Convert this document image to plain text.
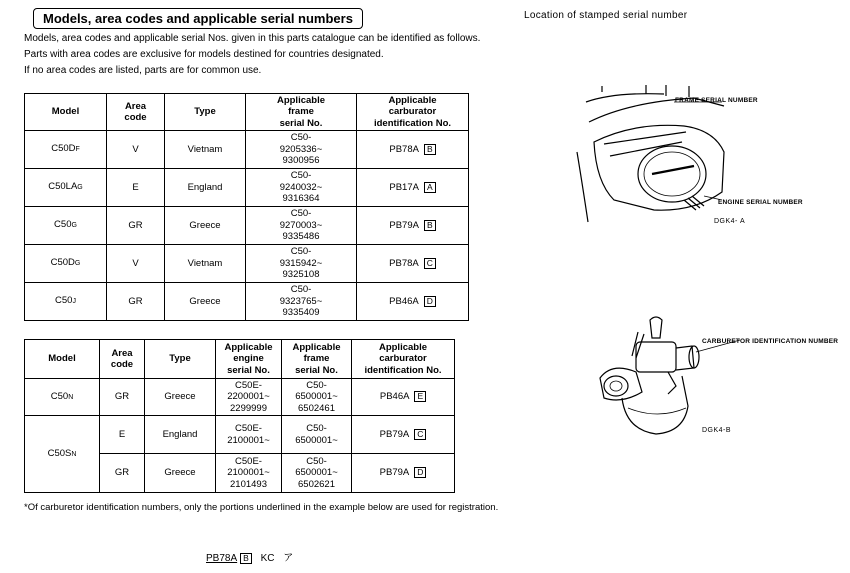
Models, area codes and applicable serial numbers
Models, area codes and applicable serial Nos. given in this parts catalogue can be identified as follows.
Parts with area codes are exclusive for models destined for countries designated.
If no area codes are listed, parts are for common use.
Location of stamped serial number
Model	Area
code	Type	Applicable
frame
serial No.	Applicable
carburator
identification No.
C50DF	V	Vietnam	C50-
9205336~
9300956	PB78A B
C50LAG	E	England	C50-
9240032~
9316364	PB17A A
C50G	GR	Greece	C50-
9270003~
9335486	PB79A B
C50DG	V	Vietnam	C50-
9315942~
9325108	PB78A C
C50J	GR	Greece	C50-
9323765~
9335409	PB46A D
Model	Area
code	Type	Applicable
engine
serial No.	Applicable
frame
serial No.	Applicable
carburator
identification No.
C50N	GR	Greece	C50E-
2200001~
2299999	C50-
6500001~
6502461	PB46A E
C50SN	E	England	C50E-
2100001~	C50-
6500001~	PB79A C
	GR	Greece	C50E-
2100001~
2101493	C50-
6500001~
6502621	PB79A D
*Of carburetor identification numbers, only the portions underlined in the example below are used for registration.
PB78A B KC ア
FRAME SERIAL NUMBER
ENGINE SERIAL NUMBER
DGK4- A
CARBURETOR IDENTIFICATION NUMBER
DGK4-B
